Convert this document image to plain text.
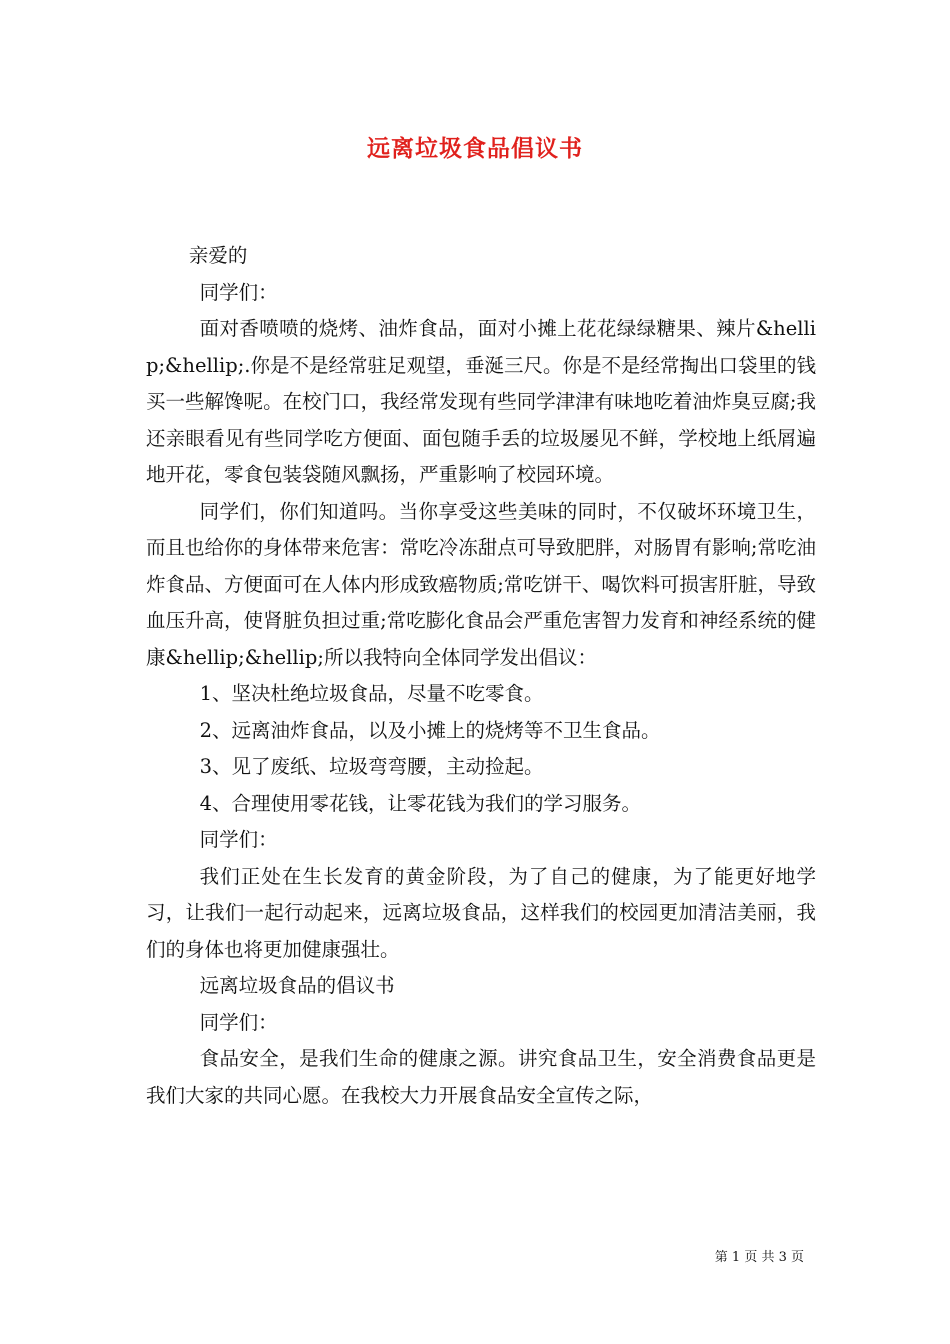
远离垃圾食品倡议书

亲爱的

同学们：

面对香喷喷的烧烤、油炸食品，面对小摊上花花绿绿糖果、辣片&hellip;&hellip;.你是不是经常驻足观望，垂涎三尺。你是不是经常掏出口袋里的钱买一些解馋呢。在校门口，我经常发现有些同学津津有味地吃着油炸臭豆腐;我还亲眼看见有些同学吃方便面、面包随手丢的垃圾屡见不鲜，学校地上纸屑遍地开花，零食包装袋随风飘扬，严重影响了校园环境。

同学们，你们知道吗。当你享受这些美味的同时，不仅破坏环境卫生，而且也给你的身体带来危害：常吃冷冻甜点可导致肥胖，对肠胃有影响;常吃油炸食品、方便面可在人体内形成致癌物质;常吃饼干、喝饮料可损害肝脏，导致血压升高，使肾脏负担过重;常吃膨化食品会严重危害智力发育和神经系统的健康&hellip;&hellip;所以我特向全体同学发出倡议：

1、坚决杜绝垃圾食品，尽量不吃零食。

2、远离油炸食品，以及小摊上的烧烤等不卫生食品。

3、见了废纸、垃圾弯弯腰，主动捡起。

4、合理使用零花钱，让零花钱为我们的学习服务。

同学们：

我们正处在生长发育的黄金阶段，为了自己的健康，为了能更好地学习，让我们一起行动起来，远离垃圾食品，这样我们的校园更加清洁美丽，我们的身体也将更加健康强壮。

远离垃圾食品的倡议书

同学们：

食品安全，是我们生命的健康之源。讲究食品卫生，安全消费食品更是我们大家的共同心愿。在我校大力开展食品安全宣传之际，

第 1 页 共 3 页
